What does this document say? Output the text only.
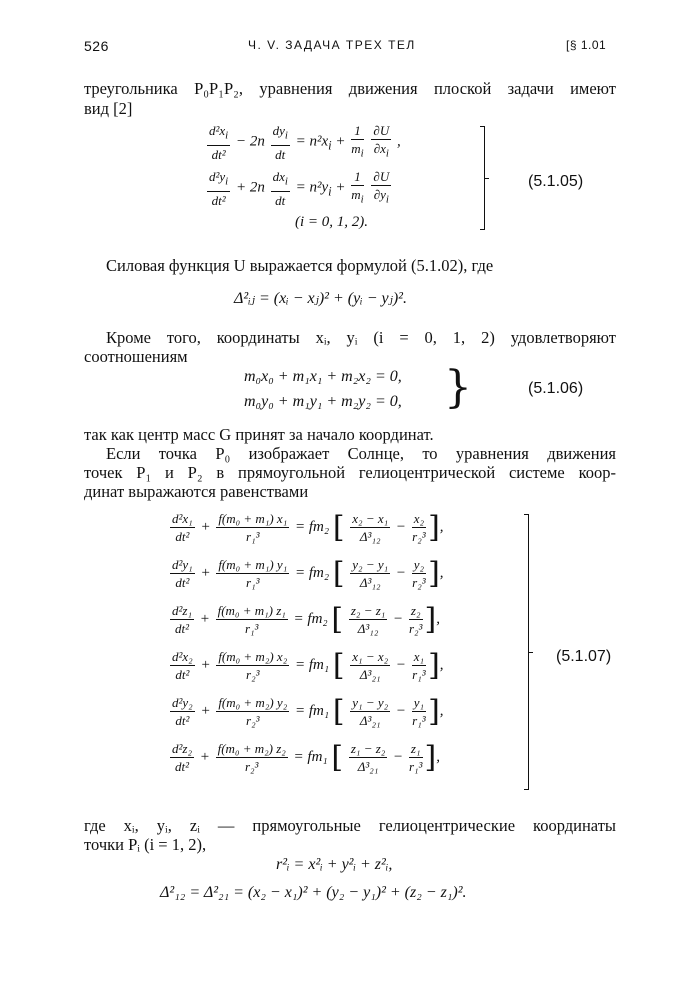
526	Ч. V. ЗАДАЧА ТРЕХ ТЕЛ	[§ 1.01
треугольника P₀P₁P₂, уравнения движения плоской задачи имеют
вид [2]
$\frac{d^2x_i}{\text{dt²}} - 2n \frac{dy_i}{dt} = n^2x_i + \frac{1}{m_i}$
$\frac{\partial U}{\partial x_i}$ ,
$\frac{d^2y_i}{\text{dt²}} + 2n \frac{dx_i}{dt} = n^2y_i + \frac{1}{m_i}$
$\frac{\partial U}{\partial y_i}$
(i = 0, 1, 2).
(5.1.05)
Силовая функция U выражается формулой (5.1.02), где
Δ²ᵢⱼ = (xᵢ − xⱼ)² + (yᵢ − yⱼ)².
Кроме того, координаты xᵢ, yᵢ (i = 0, 1, 2) удовлетворяют
соотношениям
m₀x₀ + m₁x₁ + m₂x₂ = 0,
m₀y₀ + m₁y₁ + m₂y₂ = 0, }	(5.1.06)
так как центр масс G принят за начало координат.
Если точка P₀ изображает Солнце, то уравнения движения
точек P₁ и P₂ в прямоугольной гелиоцентрической системе коор-
динат выражаются равенствами
$\frac{\text{d²x₁}}{\text{dt²}} + \frac{\text{f(m₀ + m₁) x₁}}{\text{r₁³}} = fm_2$ [ $\frac{\text{x₂ − x₁}}{\text{Δ³₁₂}} - \frac{\text{x₂}}{\text{r₂³}}$ ],
$\frac{\text{d²y₁}}{\text{dt²}} + \frac{\text{f(m₀ + m₁) y₁}}{\text{r₁³}} = fm_2$ [ $\frac{\text{y₂ − y₁}}{\text{Δ³₁₂}} - \frac{\text{y₂}}{\text{r₂³}}$ ],
$\frac{\text{d²z₁}}{\text{dt²}} + \frac{\text{f(m₀ + m₁) z₁}}{\text{r₁³}} = fm_2$ [ $\frac{\text{z₂ − z₁}}{\text{Δ³₁₂}} - \frac{\text{z₂}}{\text{r₂³}}$ ],
$\frac{\text{d²x₂}}{\text{dt²}} + \frac{\text{f(m₀ + m₂) x₂}}{\text{r₂³}} = fm_1$ [ $\frac{\text{x₁ − x₂}}{\text{Δ³₂₁}} - \frac{\text{x₁}}{\text{r₁³}}$ ],
$\frac{\text{d²y₂}}{\text{dt²}} + \frac{\text{f(m₀ + m₂) y₂}}{\text{r₂³}} = fm_1$ [ $\frac{\text{y₁ − y₂}}{\text{Δ³₂₁}} - \frac{\text{y₁}}{\text{r₁³}}$ ],
$\frac{\text{d²z₂}}{\text{dt²}} + \frac{\text{f(m₀ + m₂) z₂}}{\text{r₂³}} = fm_1$ [ $\frac{\text{z₁ − z₂}}{\text{Δ³₂₁}} - \frac{\text{z₁}}{\text{r₁³}}$ ],
(5.1.07)
где xᵢ, yᵢ, zᵢ — прямоугольные гелиоцентрические координаты
точки Pᵢ (i = 1, 2),
r²ᵢ = x²ᵢ + y²ᵢ + z²ᵢ,
Δ²₁₂ = Δ²₂₁ = (x₂ − x₁)² + (y₂ − y₁)² + (z₂ − z₁)².
